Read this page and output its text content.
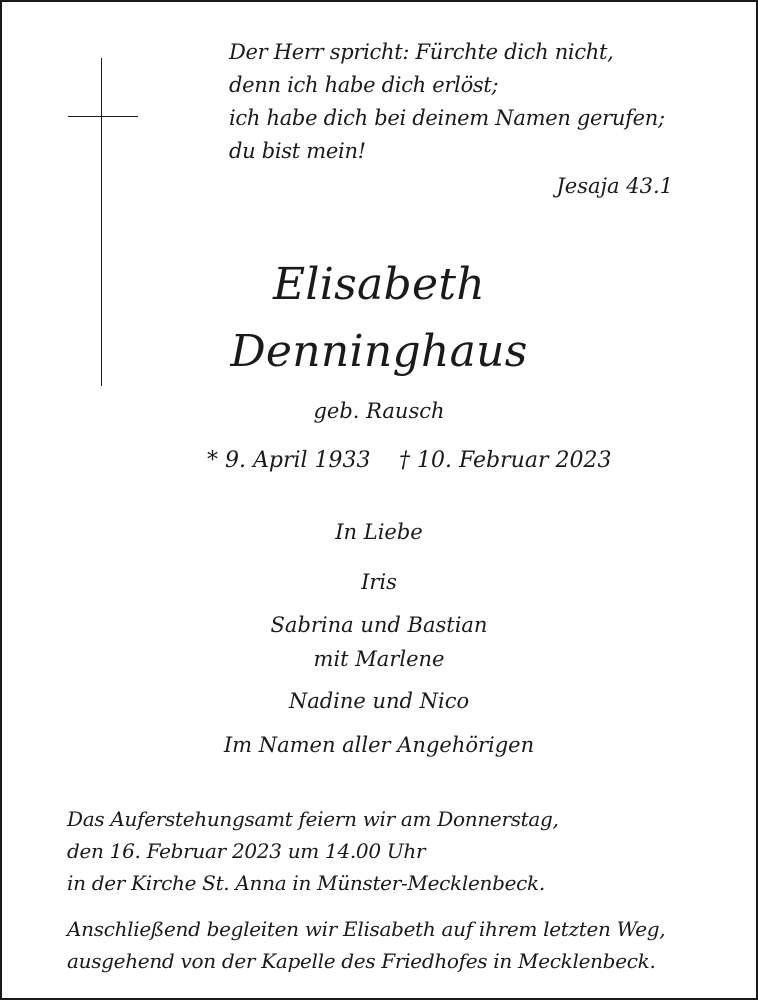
Der Herr spricht: Fürchte dich nicht,
denn ich habe dich erlöst;
ich habe dich bei deinem Namen gerufen;
du bist mein!
Jesaja 43.1
Elisabeth
Denninghaus
geb. Rausch
* 9. April 1933 † 10. Februar 2023
In Liebe
Iris
Sabrina und Bastian
mit Marlene
Nadine und Nico
Im Namen aller Angehörigen
Das Auferstehungsamt feiern wir am Donnerstag,
den 16. Februar 2023 um 14.00 Uhr
in der Kirche St. Anna in Münster-Mecklenbeck.
Anschließend begleiten wir Elisabeth auf ihrem letzten Weg,
ausgehend von der Kapelle des Friedhofes in Mecklenbeck.
